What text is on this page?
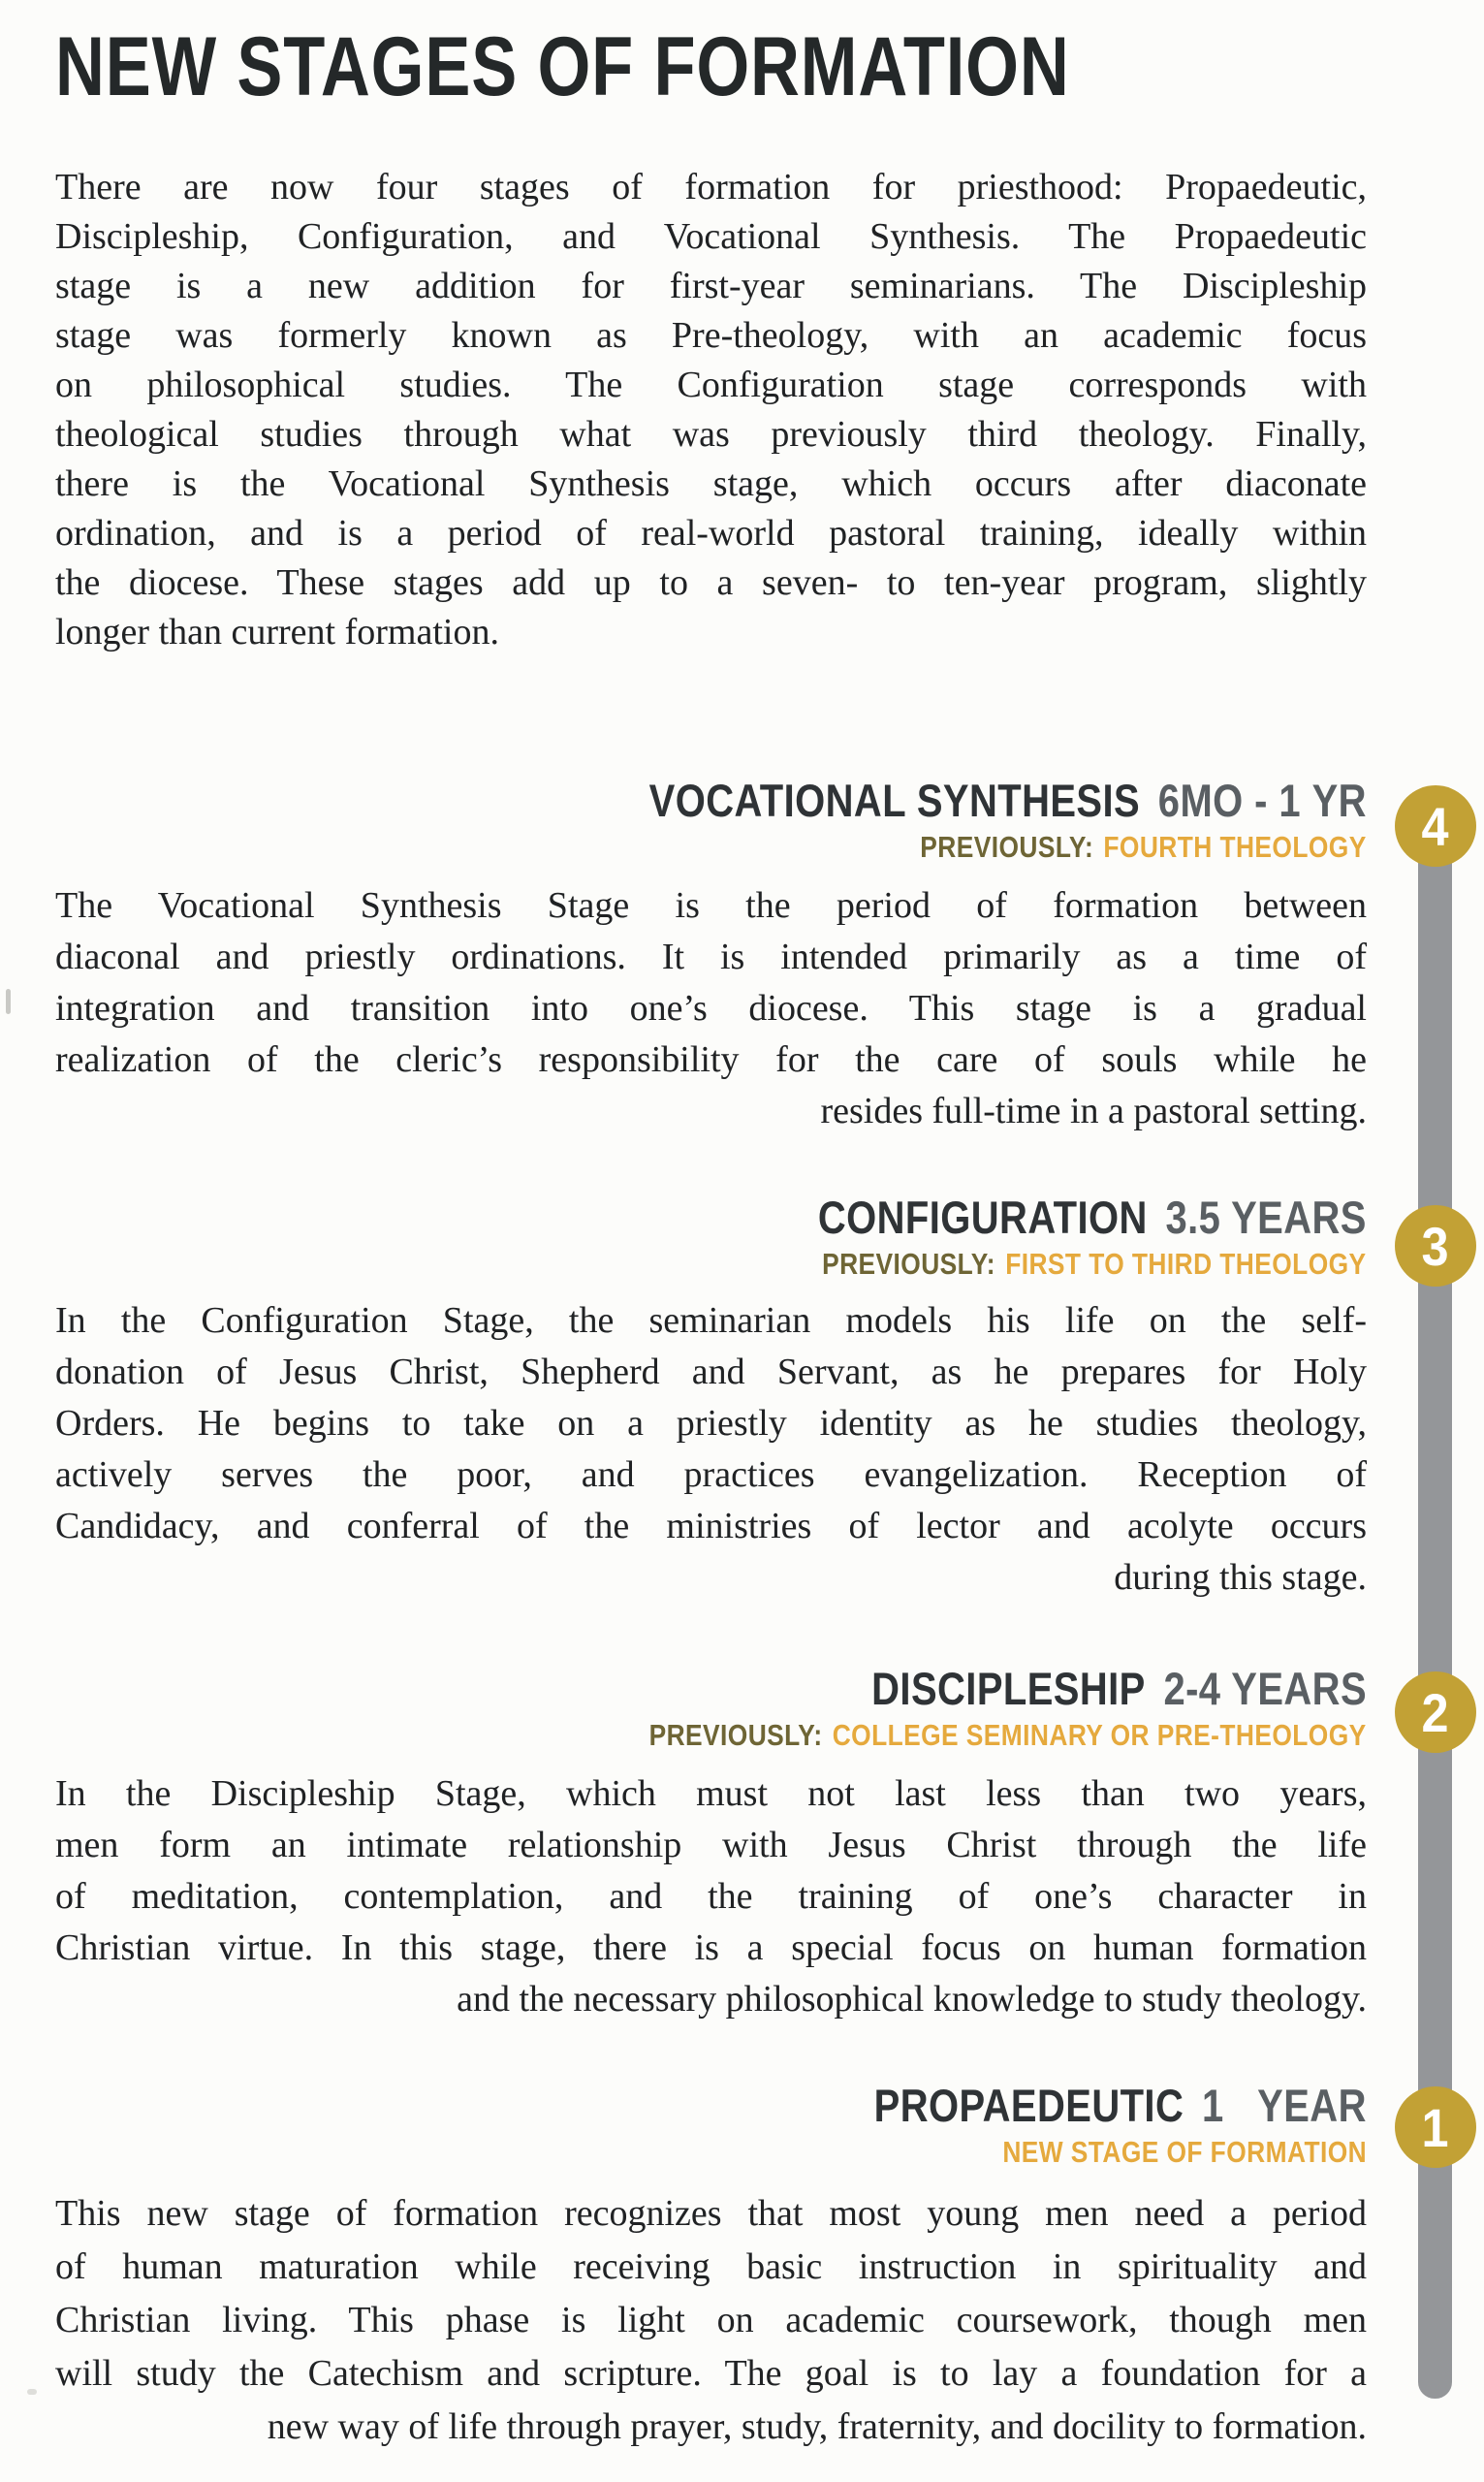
NEW STAGES OF FORMATION
There are now four stages of formation for priesthood: Propaedeutic,
Discipleship, Configuration, and Vocational Synthesis. The Propaedeutic
stage is a new addition for first-year seminarians. The Discipleship
stage was formerly known as Pre-theology, with an academic focus
on philosophical studies. The Configuration stage corresponds with
theological studies through what was previously third theology. Finally,
there is the Vocational Synthesis stage, which occurs after diaconate
ordination, and is a period of real-world pastoral training, ideally within
the diocese. These stages add up to a seven- to ten-year program, slightly
longer than current formation.
VOCATIONAL SYNTHESIS 6MO - 1 YR
PREVIOUSLY: FOURTH THEOLOGY
The Vocational Synthesis Stage is the period of formation between
diaconal and priestly ordinations. It is intended primarily as a time of
integration and transition into one’s diocese. This stage is a gradual
realization of the cleric’s responsibility for the care of souls while he
resides full-time in a pastoral setting.
CONFIGURATION 3.5 YEARS
PREVIOUSLY: FIRST TO THIRD THEOLOGY
In the Configuration Stage, the seminarian models his life on the self-
donation of Jesus Christ, Shepherd and Servant, as he prepares for Holy
Orders. He begins to take on a priestly identity as he studies theology,
actively serves the poor, and practices evangelization. Reception of
Candidacy, and conferral of the ministries of lector and acolyte occurs
during this stage.
DISCIPLESHIP 2-4 YEARS
PREVIOUSLY: COLLEGE SEMINARY OR PRE-THEOLOGY
In the Discipleship Stage, which must not last less than two years,
men form an intimate relationship with Jesus Christ through the life
of meditation, contemplation, and the training of one’s character in
Christian virtue. In this stage, there is a special focus on human formation
and the necessary philosophical knowledge to study theology.
PROPAEDEUTIC 1   YEAR
NEW STAGE OF FORMATION
This new stage of formation recognizes that most young men need a period
of human maturation while receiving basic instruction in spirituality and
Christian living. This phase is light on academic coursework, though men
will study the Catechism and scripture. The goal is to lay a foundation for a
new way of life through prayer, study, fraternity, and docility to formation.
4
3
2
1
